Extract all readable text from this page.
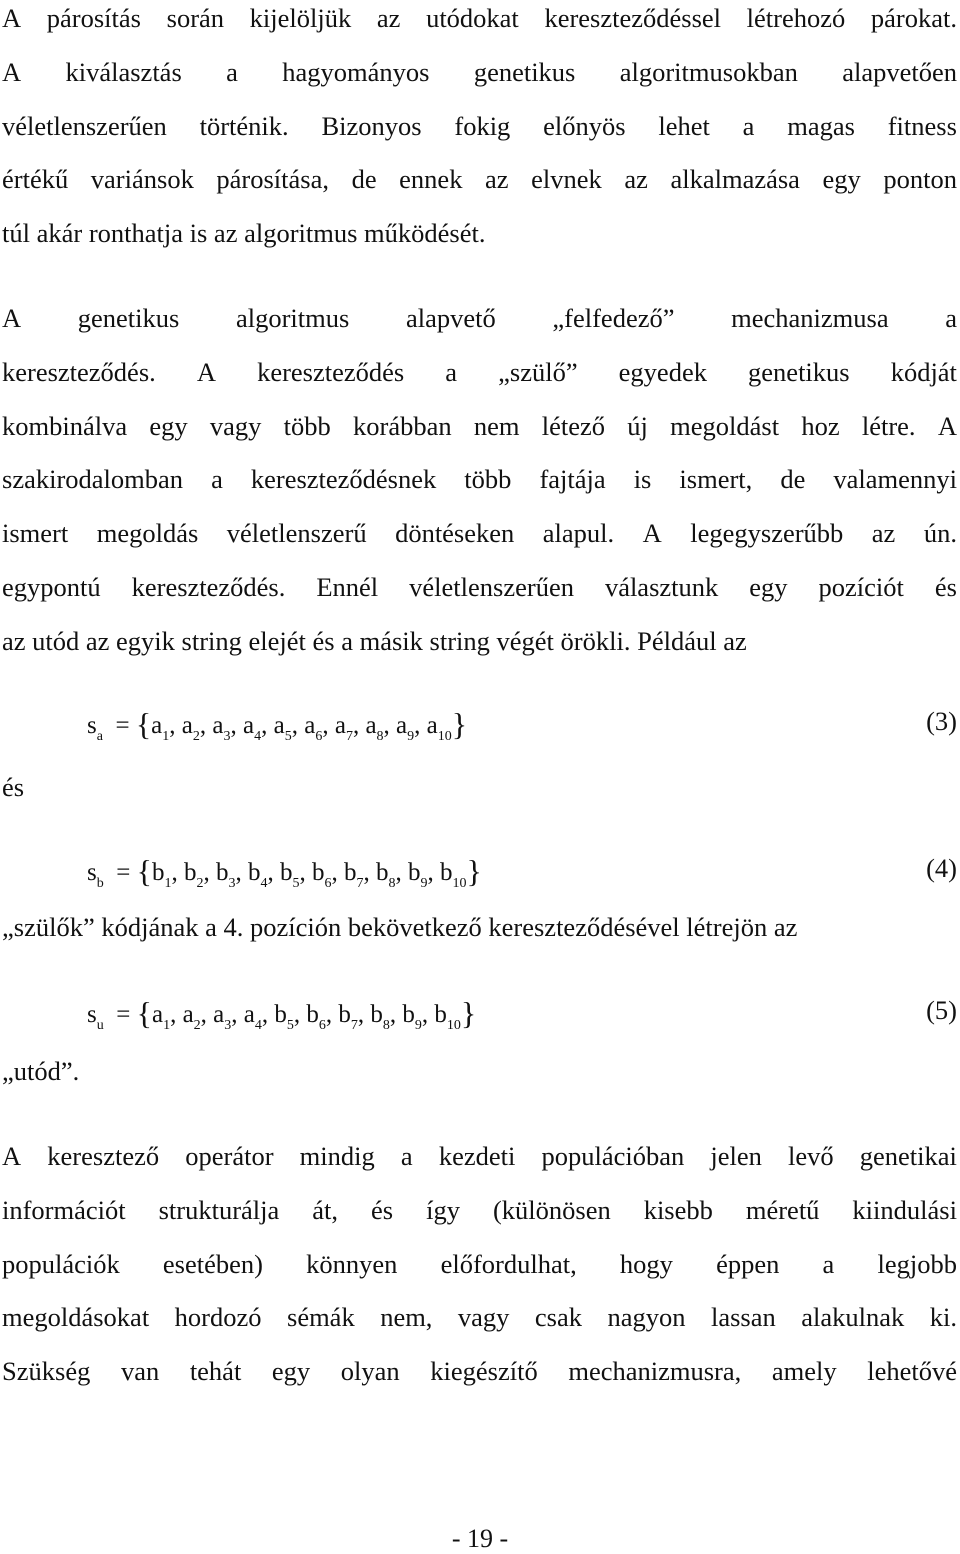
A párosítás során kijelöljük az utódokat kereszteződéssel létrehozó párokat.
A kiválasztás a hagyományos genetikus algoritmusokban alapvetően
véletlenszerűen történik. Bizonyos fokig előnyös lehet a magas fitness
értékű variánsok párosítása, de ennek az elvnek az alkalmazása egy ponton
túl akár ronthatja is az algoritmus működését.
A genetikus algoritmus alapvető „felfedező” mechanizmusa a
kereszteződés. A kereszteződés a „szülő” egyedek genetikus kódját
kombinálva egy vagy több korábban nem létező új megoldást hoz létre. A
szakirodalomban a kereszteződésnek több fajtája is ismert, de valamennyi
ismert megoldás véletlenszerű döntéseken alapul. A legegyszerűbb az ún.
egypontú kereszteződés. Ennél véletlenszerűen választunk egy pozíciót és
az utód az egyik string elejét és a másik string végét örökli. Például az
$s_a = \{a_1$, $a_2$, $a_3$, $a_4$, $a_5$, $a_6$, $a_7$, $a_8$, $a_9$, $a_{10}$}	(3)
és
$s_b = \{b_1$, $b_2$, $b_3$, $b_4$, $b_5$, $b_6$, $b_7$, $b_8$, $b_9$, $b_{10}$}	(4)
„szülők” kódjának a 4. pozíción bekövetkező kereszteződésével létrejön az
$s_u = \{a_1$, $a_2$, $a_3$, $a_4$, $b_5$, $b_6$, $b_7$, $b_8$, $b_9$, $b_{10}$}	(5)
„utód”.
A keresztező operátor mindig a kezdeti populációban jelen levő genetikai
információt strukturálja át, és így (különösen kisebb méretű kiindulási
populációk esetében) könnyen előfordulhat, hogy éppen a legjobb
megoldásokat hordozó sémák nem, vagy csak nagyon lassan alakulnak ki.
Szükség van tehát egy olyan kiegészítő mechanizmusra, amely lehetővé
- 19 -
